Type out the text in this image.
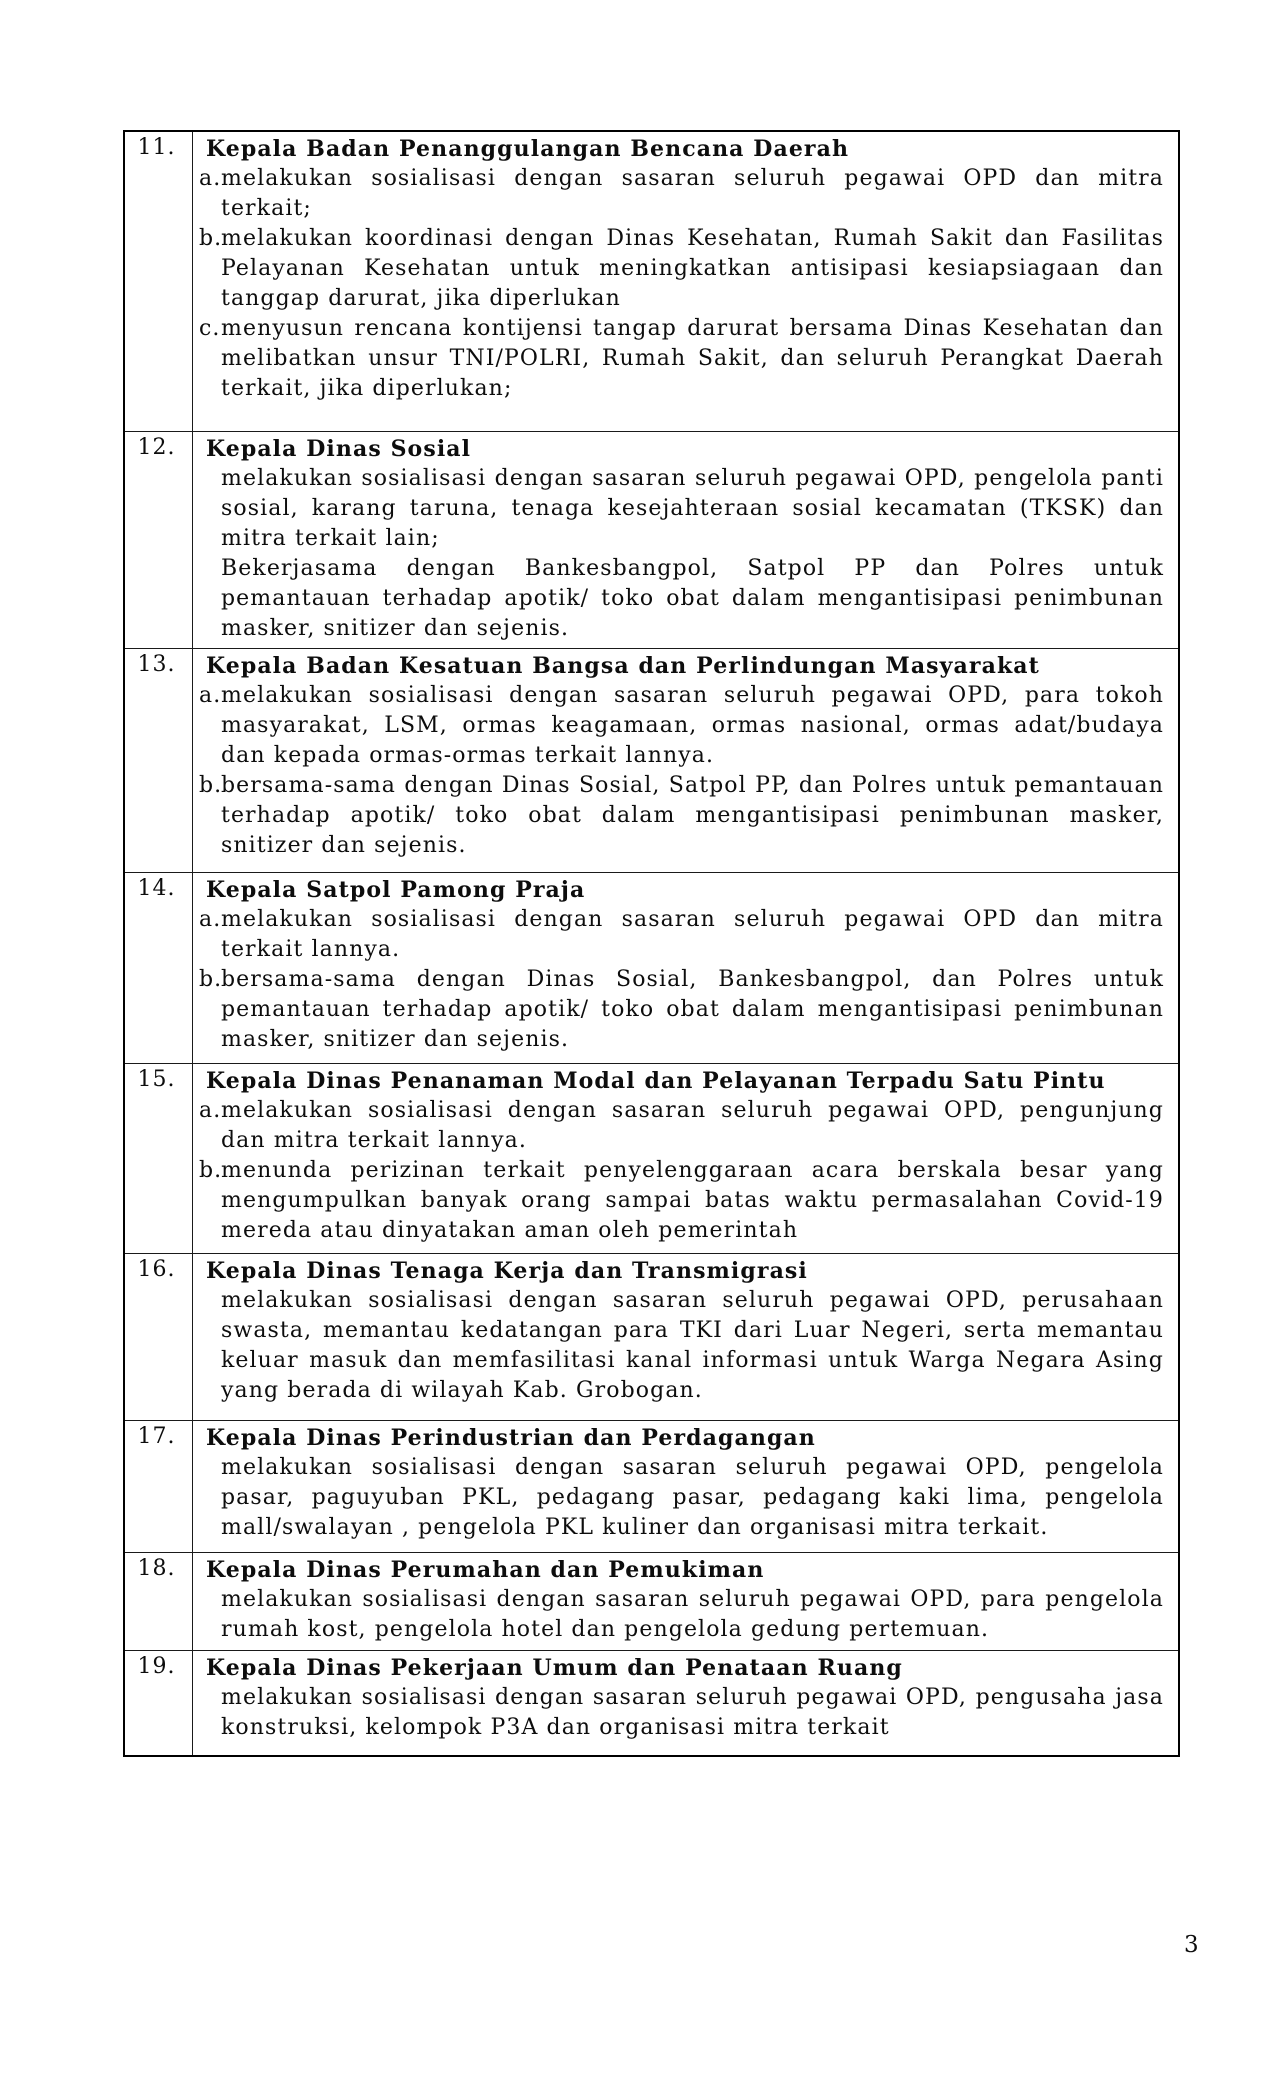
11.	Kepala Badan Penanggulangan Bencana Daerah
a. melakukan sosialisasi dengan sasaran seluruh pegawai OPD dan mitra terkait;
b.
melakukan koordinasi dengan Dinas Kesehatan, Rumah Sakit dan Fasilitas Pelayanan Kesehatan untuk meningkatkan antisipasi kesiapsiagaan dan tanggap darurat, jika diperlukan
c. menyusun rencana kontijensi tangap darurat bersama Dinas Kesehatan dan melibatkan unsur TNI/POLRI, Rumah Sakit, dan seluruh Perangkat Daerah terkait, jika diperlukan;

12.	Kepala Dinas Sosial
melakukan sosialisasi dengan sasaran seluruh pegawai OPD, pengelola panti sosial, karang taruna, tenaga kesejahteraan sosial kecamatan (TKSK) dan mitra terkait lain;
Bekerjasama dengan Bankesbangpol, Satpol PP dan Polres untuk pemantauan terhadap apotik/ toko obat dalam mengantisipasi penimbunan masker, snitizer dan sejenis.

13.	Kepala Badan Kesatuan Bangsa dan Perlindungan Masyarakat
a. melakukan sosialisasi dengan sasaran seluruh pegawai OPD, para tokoh masyarakat, LSM, ormas keagamaan, ormas nasional, ormas adat/budaya dan kepada ormas-ormas terkait lannya.
b.
bersama-sama dengan Dinas Sosial, Satpol PP, dan Polres untuk pemantauan terhadap apotik/ toko obat dalam mengantisipasi penimbunan masker, snitizer dan sejenis.

14.	Kepala Satpol Pamong Praja
a. melakukan sosialisasi dengan sasaran seluruh pegawai OPD dan mitra terkait lannya.
b.
bersama-sama dengan Dinas Sosial, Bankesbangpol, dan Polres untuk pemantauan terhadap apotik/ toko obat dalam mengantisipasi penimbunan masker, snitizer dan sejenis.

15.	Kepala Dinas Penanaman Modal dan Pelayanan Terpadu Satu Pintu
a. melakukan sosialisasi dengan sasaran seluruh pegawai OPD, pengunjung dan mitra terkait lannya.
b.
menunda perizinan terkait penyelenggaraan acara berskala besar yang mengumpulkan banyak orang sampai batas waktu permasalahan Covid-19 mereda atau dinyatakan aman oleh pemerintah

16.	Kepala Dinas Tenaga Kerja dan Transmigrasi
melakukan sosialisasi dengan sasaran seluruh pegawai OPD, perusahaan swasta, memantau kedatangan para TKI dari Luar Negeri, serta memantau keluar masuk dan memfasilitasi kanal informasi untuk Warga Negara Asing yang berada di wilayah Kab. Grobogan.

17.	Kepala Dinas Perindustrian dan Perdagangan
melakukan sosialisasi dengan sasaran seluruh pegawai OPD, pengelola pasar, paguyuban PKL, pedagang pasar, pedagang kaki lima, pengelola mall/swalayan , pengelola PKL kuliner dan organisasi mitra terkait.

18.	Kepala Dinas Perumahan dan Pemukiman
melakukan sosialisasi dengan sasaran seluruh pegawai OPD, para pengelola rumah kost, pengelola hotel dan pengelola gedung pertemuan.

19.	Kepala Dinas Pekerjaan Umum dan Penataan Ruang
melakukan sosialisasi dengan sasaran seluruh pegawai OPD, pengusaha jasa konstruksi, kelompok P3A dan organisasi mitra terkait
3
